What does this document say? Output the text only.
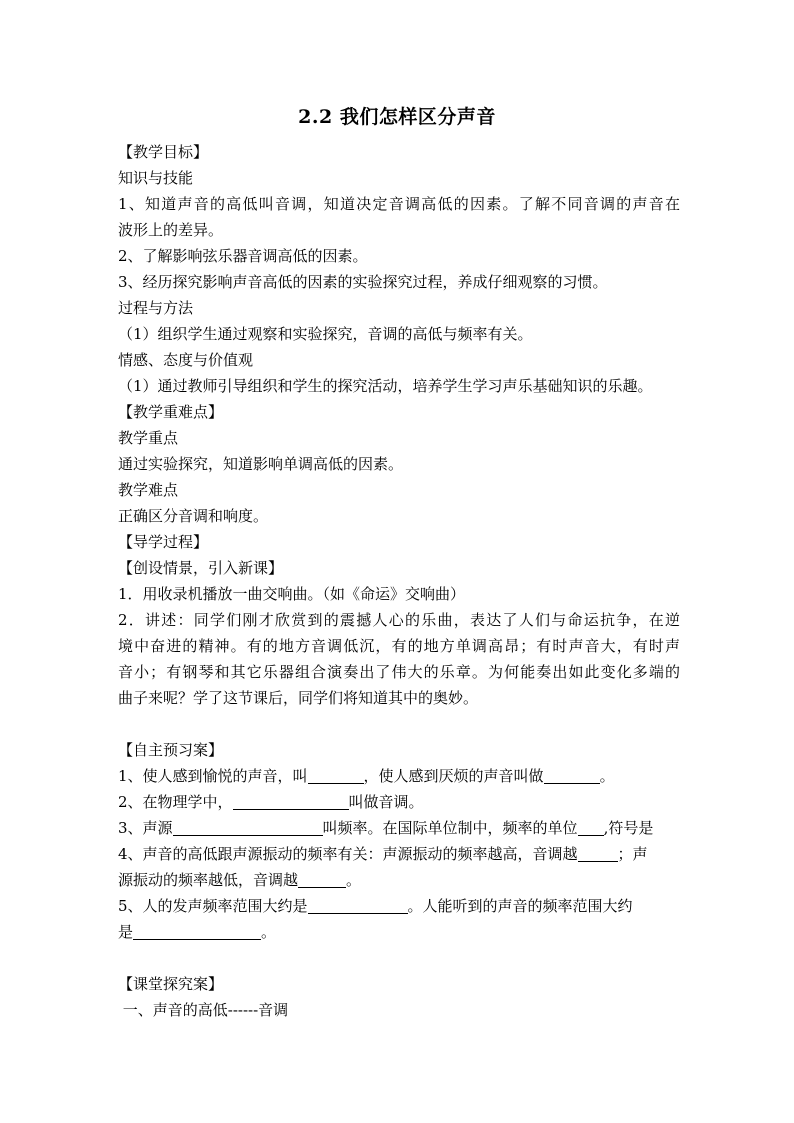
2.2 我们怎样区分声音
【教学目标】
知识与技能
1、知道声音的高低叫音调，知道决定音调高低的因素。了解不同音调的声音在
波形上的差异。
2、了解影响弦乐器音调高低的因素。
3、经历探究影响声音高低的因素的实验探究过程，养成仔细观察的习惯。
过程与方法
（1）组织学生通过观察和实验探究，音调的高低与频率有关。
情感、态度与价值观
（1）通过教师引导组织和学生的探究活动，培养学生学习声乐基础知识的乐趣。
【教学重难点】
教学重点
通过实验探究，知道影响单调高低的因素。
教学难点
正确区分音调和响度。
【导学过程】
【创设情景，引入新课】
1．用收录机播放一曲交响曲。（如《命运》交响曲）
2．讲述：同学们刚才欣赏到的震撼人心的乐曲，表达了人们与命运抗争，在逆
境中奋进的精神。有的地方音调低沉，有的地方单调高昂；有时声音大，有时声
音小；有钢琴和其它乐器组合演奏出了伟大的乐章。为何能奏出如此变化多端的
曲子来呢？学了这节课后，同学们将知道其中的奥妙。
【自主预习案】
1、使人感到愉悦的声音，叫	，使人感到厌烦的声音叫做	。
2、在物理学中，	叫做音调。
3、声源	叫频率。在国际单位制中，频率的单位 ,符号是
4、声音的高低跟声源振动的频率有关：声源振动的频率越高，音调越	；声
源振动的频率越低，音调越	。
5、人的发声频率范围大约是	。人能听到的声音的频率范围大约
是	。
【课堂探究案】
一、声音的高低------音调
